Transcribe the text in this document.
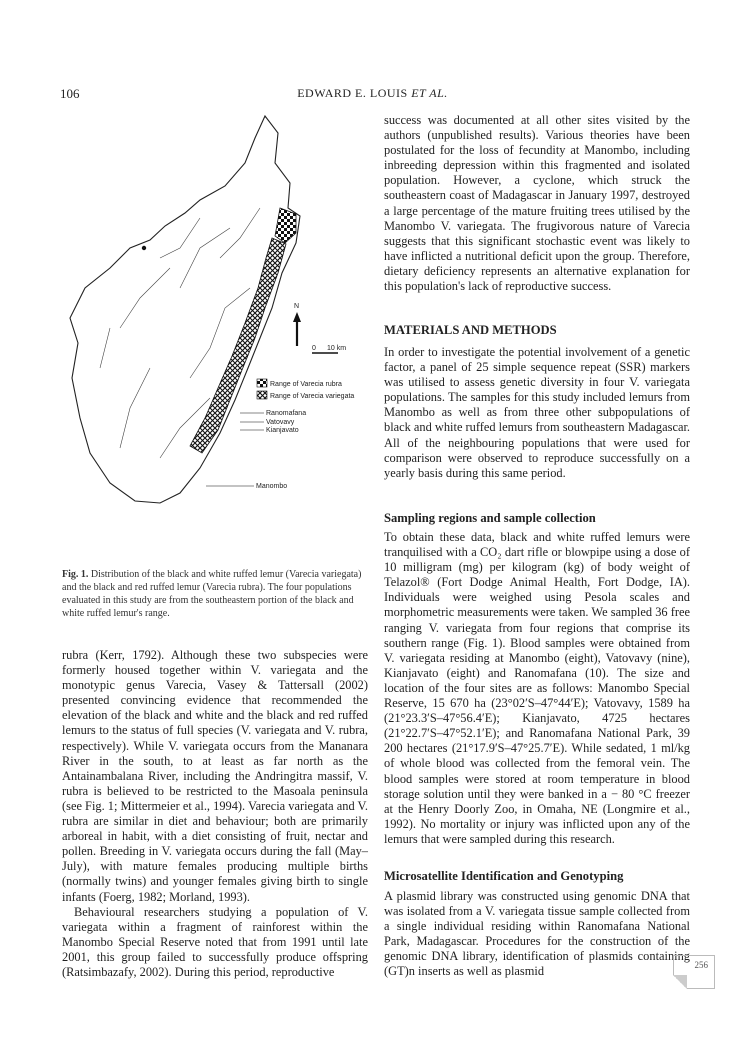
106	EDWARD E. LOUIS ET AL.
N
0 10 km
Range of Varecia rubra
Range of Varecia variegata
Ranomafana
Vatovavy
Kianjavato
Manombo
Fig. 1. Distribution of the black and white ruffed lemur (Varecia variegata) and the black and red ruffed lemur (Varecia rubra). The four populations evaluated in this study are from the southeastern portion of the black and white ruffed lemur's range.

rubra (Kerr, 1792). Although these two subspecies were formerly housed together within V. variegata and the monotypic genus Varecia, Vasey & Tattersall (2002) presented convincing evidence that recommended the elevation of the black and white and the black and red ruffed lemurs to the status of full species (V. variegata and V. rubra, respectively). While V. variegata occurs from the Mananara River in the south, to at least as far north as the Antainambalana River, including the Andringitra massif, V. rubra is believed to be restricted to the Masoala peninsula (see Fig. 1; Mittermeier et al., 1994). Varecia variegata and V. rubra are similar in diet and behaviour; both are primarily arboreal in habit, with a diet consisting of fruit, nectar and pollen. Breeding in V. variegata occurs during the fall (May–July), with mature females producing multiple births (normally twins) and younger females giving birth to single infants (Foerg, 1982; Morland, 1993).

Behavioural researchers studying a population of V. variegata within a fragment of rainforest within the Manombo Special Reserve noted that from 1991 until late 2001, this group failed to successfully produce offspring (Ratsimbazafy, 2002). During this period, reproductive

success was documented at all other sites visited by the authors (unpublished results). Various theories have been postulated for the loss of fecundity at Manombo, including inbreeding depression within this fragmented and isolated population. However, a cyclone, which struck the southeastern coast of Madagascar in January 1997, destroyed a large percentage of the mature fruiting trees utilised by the Manombo V. variegata. The frugivorous nature of Varecia suggests that this significant stochastic event was likely to have inflicted a nutritional deficit upon the group. Therefore, dietary deficiency represents an alternative explanation for this population's lack of reproductive success.
MATERIALS AND METHODS
In order to investigate the potential involvement of a genetic factor, a panel of 25 simple sequence repeat (SSR) markers was utilised to assess genetic diversity in four V. variegata populations. The samples for this study included lemurs from Manombo as well as from three other subpopulations of black and white ruffed lemurs from southeastern Madagascar. All of the neighbouring populations that were used for comparison were observed to reproduce successfully on a yearly basis during this same period.
Sampling regions and sample collection
To obtain these data, black and white ruffed lemurs were tranquilised with a CO₂ dart rifle or blowpipe using a dose of 10 milligram (mg) per kilogram (kg) of body weight of Telazol® (Fort Dodge Animal Health, Fort Dodge, IA). Individuals were weighed using Pesola scales and morphometric measurements were taken. We sampled 36 free ranging V. variegata from four regions that comprise its southern range (Fig. 1). Blood samples were obtained from V. variegata residing at Manombo (eight), Vatovavy (nine), Kianjavato (eight) and Ranomafana (10). The size and location of the four sites are as follows: Manombo Special Reserve, 15 670 ha (23°02′S–47°44′E); Vatovavy, 1589 ha (21°23.3′S–47°56.4′E); Kianjavato, 4725 hectares (21°22.7′S–47°52.1′E); and Ranomafana National Park, 39 200 hectares (21°17.9′S–47°25.7′E). While sedated, 1 ml/kg of whole blood was collected from the femoral vein. The blood samples were stored at room temperature in blood storage solution until they were banked in a − 80 °C freezer at the Henry Doorly Zoo, in Omaha, NE (Longmire et al., 1992). No mortality or injury was inflicted upon any of the lemurs that were sampled during this research.
Microsatellite Identification and Genotyping
A plasmid library was constructed using genomic DNA that was isolated from a V. variegata tissue sample collected from a single individual residing within Ranomafana National Park, Madagascar. Procedures for the construction of the genomic DNA library, identification of plasmids containing (GT)n inserts as well as plasmid	256
